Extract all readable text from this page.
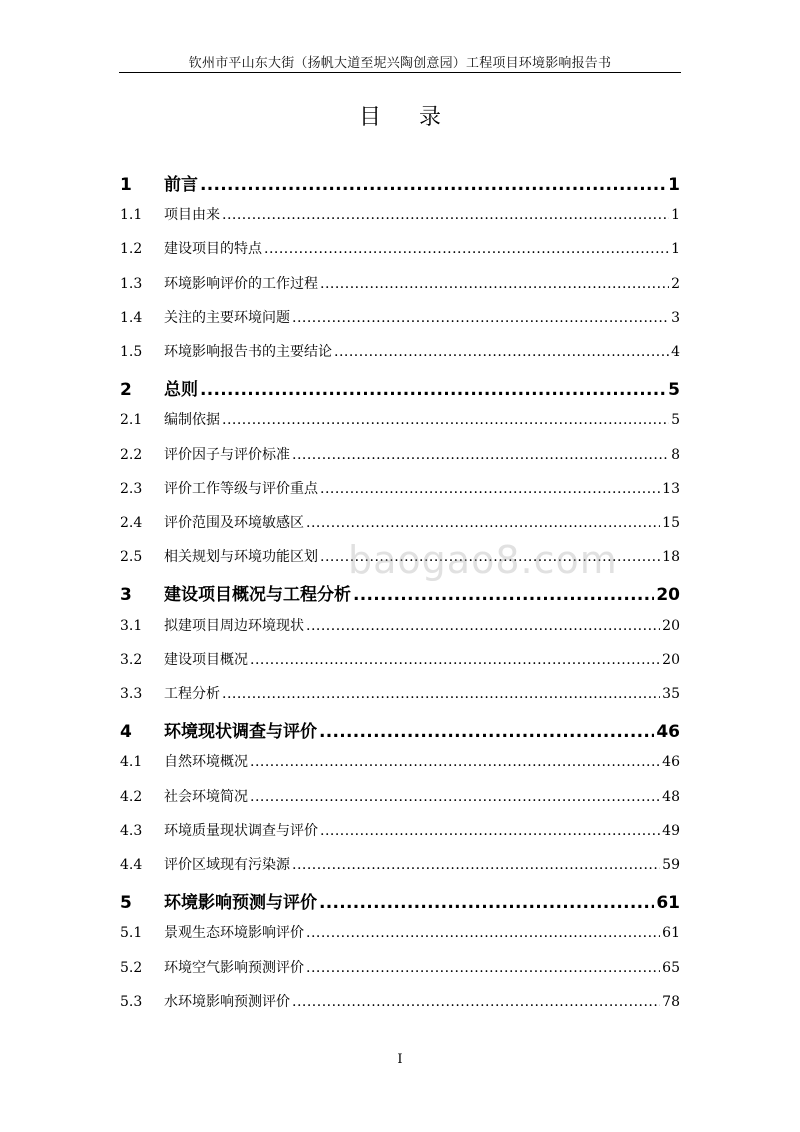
钦州市平山东大街（扬帆大道至坭兴陶创意园）工程项目环境影响报告书
目录
1	前言 .....	1
1.1	项目由来 .....	1
1.2	建设项目的特点 .....	1
1.3	环境影响评价的工作过程 .....	2
1.4	关注的主要环境问题 .....	3
1.5	环境影响报告书的主要结论 .....	4
2	总则 .....	5
2.1	编制依据 .....	5
2.2	评价因子与评价标准 .....	8
2.3	评价工作等级与评价重点 .....	13
2.4	评价范围及环境敏感区 .....	15
2.5	相关规划与环境功能区划 .....	18
3	建设项目概况与工程分析 .....	20
3.1	拟建项目周边环境现状 .....	20
3.2	建设项目概况 .....	20
3.3	工程分析 .....	35
4	环境现状调查与评价 .....	46
4.1	自然环境概况 .....	46
4.2	社会环境简况 .....	48
4.3	环境质量现状调查与评价 .....	49
4.4	评价区域现有污染源 .....	59
5	环境影响预测与评价 .....	61
5.1	景观生态环境影响评价 .....	61
5.2	环境空气影响预测评价 .....	65
5.3	水环境影响预测评价 .....	78
baogao8.com
I
